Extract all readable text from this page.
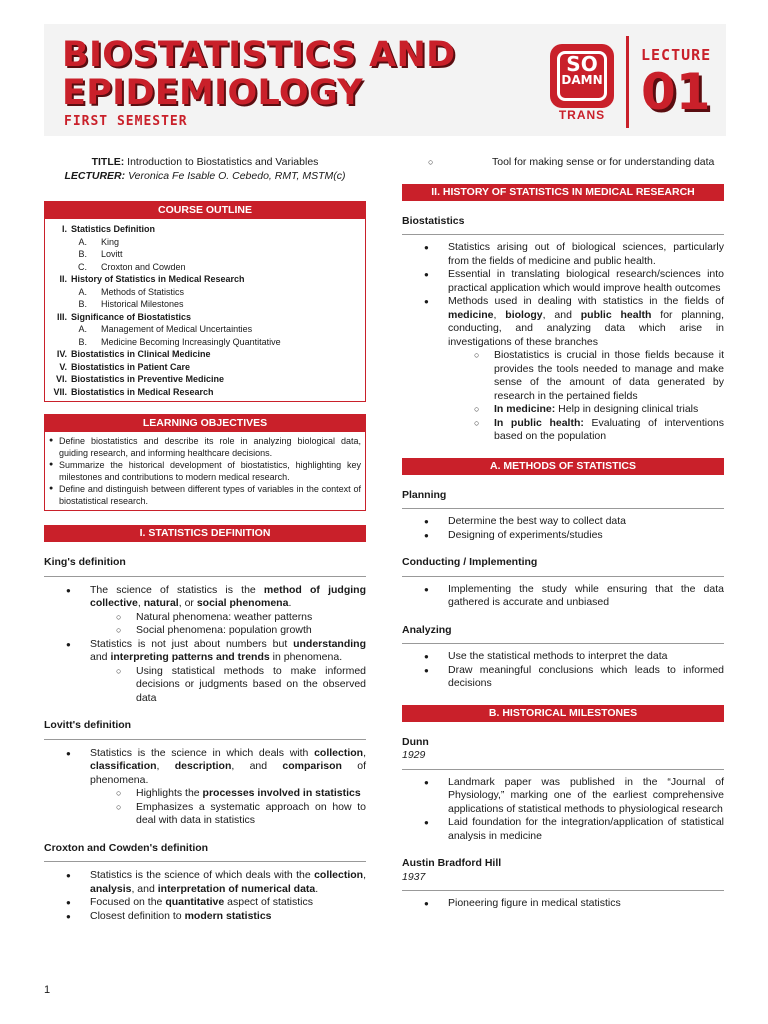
BIOSTATISTICS AND
EPIDEMIOLOGY
FIRST SEMESTER
SO
DAMN
TRANS
LECTURE
01
TITLE: Introduction to Biostatistics and Variables
LECTURER: Veronica Fe Isable O. Cebedo, RMT, MSTM(c)
COURSE OUTLINE
I. Statistics Definition
A.	King
B.	Lovitt
C.	Croxton and Cowden
II. History of Statistics in Medical Research
A.	Methods of Statistics
B.	Historical Milestones
III. Significance of Biostatistics
A.	Management of Medical Uncertainties
B.	Medicine Becoming Increasingly Quantitative
IV. Biostatistics in Clinical Medicine
V. Biostatistics in Patient Care
VI. Biostatistics in Preventive Medicine
VII. Biostatistics in Medical Research
LEARNING OBJECTIVES
● Define biostatistics and describe its role in analyzing biological data, guiding research, and informing healthcare decisions.
● Summarize the historical development of biostatistics, highlighting key milestones and contributions to modern medical research.
● Define and distinguish between different types of variables in the context of biostatistical research.
I. STATISTICS DEFINITION
King's definition
● The science of statistics is the method of judging collective, natural, or social phenomena.
○ Natural phenomena: weather patterns
○ Social phenomena: population growth
● Statistics is not just about numbers but understanding and interpreting patterns and trends in phenomena.
○ Using statistical methods to make informed decisions or judgments based on the observed data
Lovitt's definition
● Statistics is the science in which deals with collection, classification, description, and comparison of phenomena.
○ Highlights the processes involved in statistics
○ Emphasizes a systematic approach on how to deal with data in statistics
Croxton and Cowden's definition
● Statistics is the science of which deals with the collection, analysis, and interpretation of numerical data.
● Focused on the quantitative aspect of statistics
● Closest definition to modern statistics
○ Tool for making sense or for understanding data
II. HISTORY OF STATISTICS IN MEDICAL RESEARCH
Biostatistics
● Statistics arising out of biological sciences, particularly from the fields of medicine and public health.
● Essential in translating biological research/sciences into practical application which would improve health outcomes
● Methods used in dealing with statistics in the fields of medicine, biology, and public health for planning, conducting, and analyzing data which arise in investigations of these branches
○ Biostatistics is crucial in those fields because it provides the tools needed to manage and make sense of the amount of data generated by research in the pertained fields
○ In medicine: Help in designing clinical trials
○ In public health: Evaluating of interventions based on the population
A. METHODS OF STATISTICS
Planning
● Determine the best way to collect data
● Designing of experiments/studies
Conducting / Implementing
● Implementing the study while ensuring that the data gathered is accurate and unbiased
Analyzing
● Use the statistical methods to interpret the data
● Draw meaningful conclusions which leads to informed decisions
B. HISTORICAL MILESTONES
Dunn
1929
● Landmark paper was published in the “Journal of Physiology,” marking one of the earliest comprehensive applications of statistical methods to physiological research
● Laid foundation for the integration/application of statistical analysis in medicine
Austin Bradford Hill
1937
● Pioneering figure in medical statistics
1
